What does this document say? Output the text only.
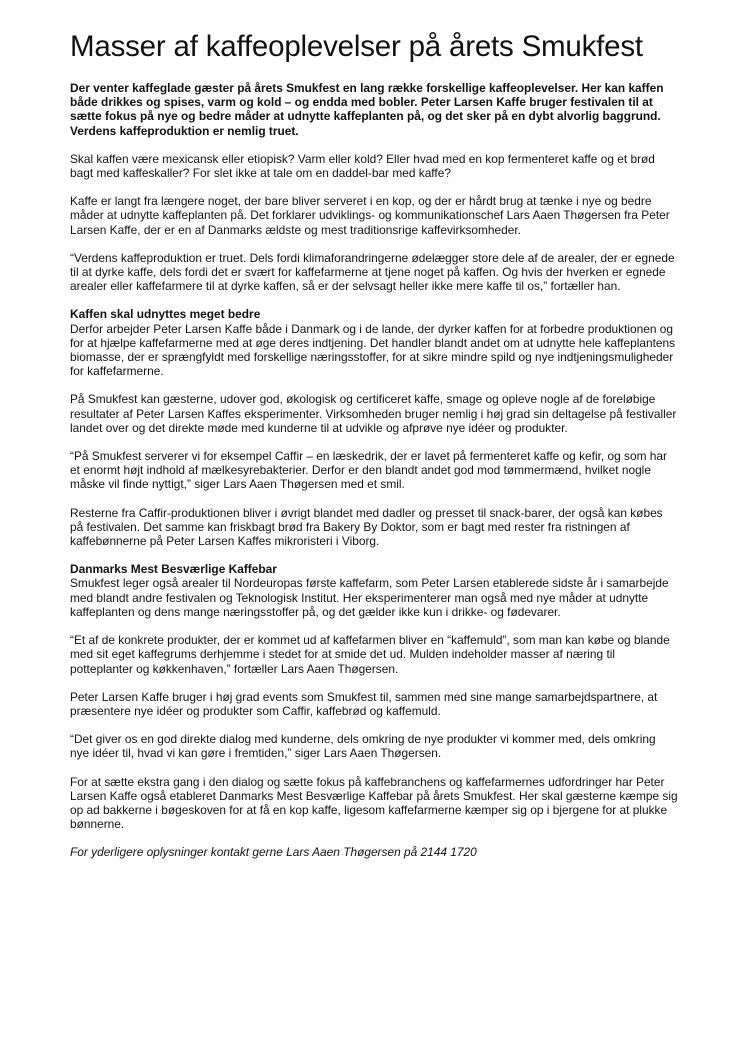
Masser af kaffeoplevelser på årets Smukfest

Der venter kaffeglade gæster på årets Smukfest en lang række forskellige kaffeoplevelser. Her kan kaffen både drikkes og spises, varm og kold – og endda med bobler. Peter Larsen Kaffe bruger festivalen til at sætte fokus på nye og bedre måder at udnytte kaffeplanten på, og det sker på en dybt alvorlig baggrund. Verdens kaffeproduktion er nemlig truet.

Skal kaffen være mexicansk eller etiopisk? Varm eller kold? Eller hvad med en kop fermenteret kaffe og et brød bagt med kaffeskaller? For slet ikke at tale om en daddel-bar med kaffe?

Kaffe er langt fra længere noget, der bare bliver serveret i en kop, og der er hårdt brug at tænke i nye og bedre måder at udnytte kaffeplanten på. Det forklarer udviklings- og kommunikationschef Lars Aaen Thøgersen fra Peter Larsen Kaffe, der er en af Danmarks ældste og mest traditionsrige kaffevirksomheder.

“Verdens kaffeproduktion er truet. Dels fordi klimaforandringerne ødelægger store dele af de arealer, der er egnede til at dyrke kaffe, dels fordi det er svært for kaffefarmerne at tjene noget på kaffen. Og hvis der hverken er egnede arealer eller kaffefarmere til at dyrke kaffen, så er der selvsagt heller ikke mere kaffe til os,” fortæller han.

Kaffen skal udnyttes meget bedre

Derfor arbejder Peter Larsen Kaffe både i Danmark og i de lande, der dyrker kaffen for at forbedre produktionen og for at hjælpe kaffefarmerne med at øge deres indtjening. Det handler blandt andet om at udnytte hele kaffeplantens biomasse, der er sprængfyldt med forskellige næringsstoffer, for at sikre mindre spild og nye indtjeningsmuligheder for kaffefarmerne.

På Smukfest kan gæsterne, udover god, økologisk og certificeret kaffe, smage og opleve nogle af de foreløbige resultater af Peter Larsen Kaffes eksperimenter. Virksomheden bruger nemlig i høj grad sin deltagelse på festivaller landet over og det direkte møde med kunderne til at udvikle og afprøve nye idéer og produkter.

“På Smukfest serverer vi for eksempel Caffir – en læskedrik, der er lavet på fermenteret kaffe og kefir, og som har et enormt højt indhold af mælkesyrebakterier. Derfor er den blandt andet god mod tømmermænd, hvilket nogle måske vil finde nyttigt,” siger Lars Aaen Thøgersen med et smil.

Resterne fra Caffir-produktionen bliver i øvrigt blandet med dadler og presset til snack-barer, der også kan købes på festivalen. Det samme kan friskbagt brød fra Bakery By Doktor, som er bagt med rester fra ristningen af kaffebønnerne på Peter Larsen Kaffes mikroristeri i Viborg.

Danmarks Mest Besværlige Kaffebar

Smukfest leger også arealer til Nordeuropas første kaffefarm, som Peter Larsen etablerede sidste år i samarbejde med blandt andre festivalen og Teknologisk Institut. Her eksperimenterer man også med nye måder at udnytte kaffeplanten og dens mange næringsstoffer på, og det gælder ikke kun i drikke- og fødevarer.

“Et af de konkrete produkter, der er kommet ud af kaffefarmen bliver en “kaffemuld”, som man kan købe og blande med sit eget kaffegrums derhjemme i stedet for at smide det ud. Mulden indeholder masser af næring til potteplanter og køkkenhaven,” fortæller Lars Aaen Thøgersen.

Peter Larsen Kaffe bruger i høj grad events som Smukfest til, sammen med sine mange samarbejdspartnere, at præsentere nye idéer og produkter som Caffir, kaffebrød og kaffemuld.

“Det giver os en god direkte dialog med kunderne, dels omkring de nye produkter vi kommer med, dels omkring nye idéer til, hvad vi kan gøre i fremtiden,” siger Lars Aaen Thøgersen.

For at sætte ekstra gang i den dialog og sætte fokus på kaffebranchens og kaffefarmernes udfordringer har Peter Larsen Kaffe også etableret Danmarks Mest Besværlige Kaffebar på årets Smukfest. Her skal gæsterne kæmpe sig op ad bakkerne i bøgeskoven for at få en kop kaffe, ligesom kaffefarmerne kæmper sig op i bjergene for at plukke bønnerne.

For yderligere oplysninger kontakt gerne Lars Aaen Thøgersen på 2144 1720
